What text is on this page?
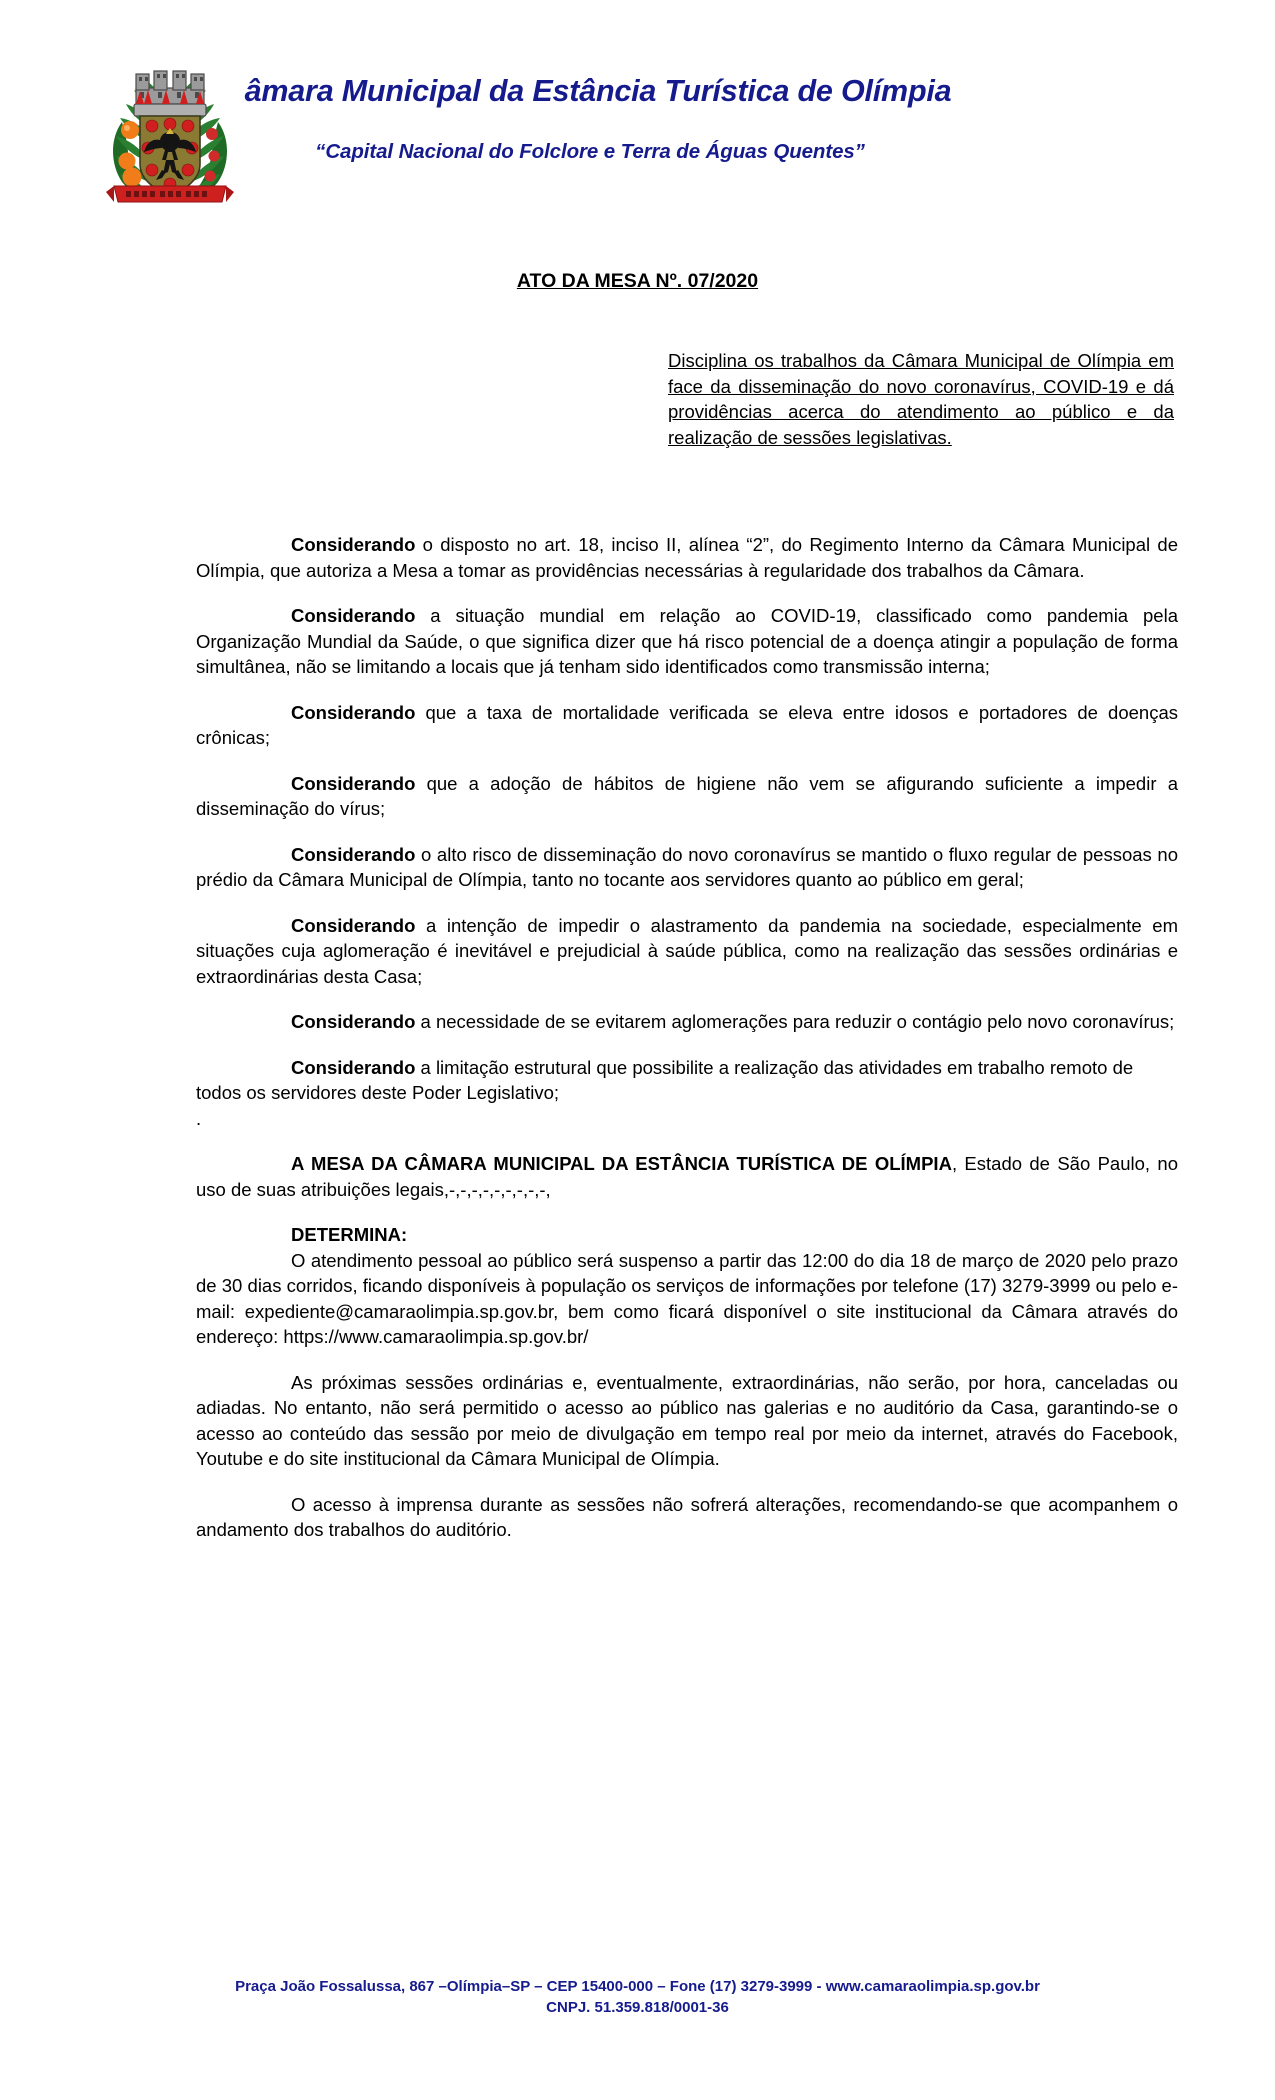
âmara Municipal da Estância Turística de Olímpia
“Capital Nacional do Folclore e Terra de Águas Quentes”
ATO DA MESA Nº. 07/2020
Disciplina os trabalhos da Câmara Municipal de Olímpia em face da disseminação do novo coronavírus, COVID-19 e dá providências acerca do atendimento ao público e da realização de sessões legislativas.

Considerando o disposto no art. 18, inciso II, alínea “2”, do Regimento Interno da Câmara Municipal de Olímpia, que autoriza a Mesa a tomar as providências necessárias à regularidade dos trabalhos da Câmara.

Considerando a situação mundial em relação ao COVID-19, classificado como pandemia pela Organização Mundial da Saúde, o que significa dizer que há risco potencial de a doença atingir a população de forma simultânea, não se limitando a locais que já tenham sido identificados como transmissão interna;

Considerando que a taxa de mortalidade verificada se eleva entre idosos e portadores de doenças crônicas;

Considerando que a adoção de hábitos de higiene não vem se afigurando suficiente a impedir a disseminação do vírus;

Considerando o alto risco de disseminação do novo coronavírus se mantido o fluxo regular de pessoas no prédio da Câmara Municipal de Olímpia, tanto no tocante aos servidores quanto ao público em geral;

Considerando a intenção de impedir o alastramento da pandemia na sociedade, especialmente em situações cuja aglomeração é inevitável e prejudicial à saúde pública, como na realização das sessões ordinárias e extraordinárias desta Casa;

Considerando a necessidade de se evitarem aglomerações para reduzir o contágio pelo novo coronavírus;

Considerando a limitação estrutural que possibilite a realização das atividades em trabalho remoto de todos os servidores deste Poder Legislativo;

.

A MESA DA CÂMARA MUNICIPAL DA ESTÂNCIA TURÍSTICA DE OLÍMPIA, Estado de São Paulo, no uso de suas atribuições legais,-,-,-,-,-,-,-,-,-,

DETERMINA:

O atendimento pessoal ao público será suspenso a partir das 12:00 do dia 18 de março de 2020 pelo prazo de 30 dias corridos, ficando disponíveis à população os serviços de informações por telefone (17) 3279-3999 ou pelo e-mail: expediente@camaraolimpia.sp.gov.br, bem como ficará disponível o site institucional da Câmara através do endereço: https://www.camaraolimpia.sp.gov.br/

As próximas sessões ordinárias e, eventualmente, extraordinárias, não serão, por hora, canceladas ou adiadas. No entanto, não será permitido o acesso ao público nas galerias e no auditório da Casa, garantindo-se o acesso ao conteúdo das sessão por meio de divulgação em tempo real por meio da internet, através do Facebook, Youtube e do site institucional da Câmara Municipal de Olímpia.

O acesso à imprensa durante as sessões não sofrerá alterações, recomendando-se que acompanhem o andamento dos trabalhos do auditório.

Praça João Fossalussa, 867 –Olímpia–SP – CEP 15400-000 – Fone (17) 3279-3999 - www.camaraolimpia.sp.gov.br
CNPJ. 51.359.818/0001-36
